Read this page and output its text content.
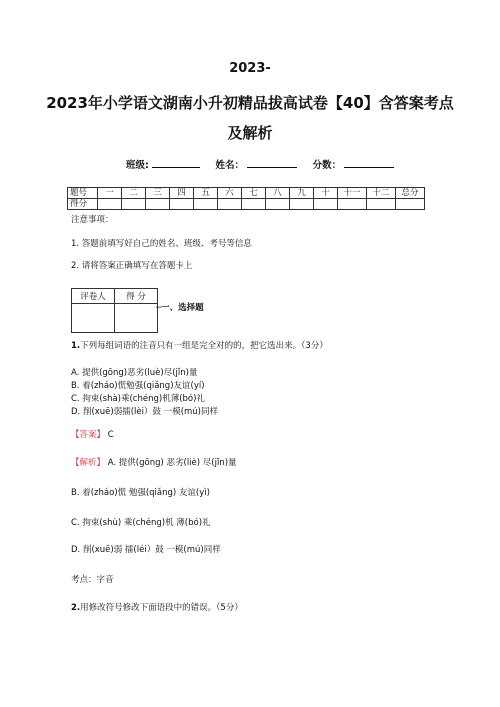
2023-
2023年小学语文湖南小升初精品拔高试卷【40】含答案考点
及解析
班级:	姓名：	分数：
题号	一	二	三	四	五	六	七	八	九	十	十一	十二	总分
得分													
注意事项：
1. 答题前填写好自己的姓名、班级、考号等信息
2. 请将答案正确填写在答题卡上
评卷人	得 分

─一、选择题
1.下列每组词语的注音只有一组是完全对的的，把它选出来。（3分）
A. 提供(gōng)恶劣(luè)尽(jǐn)量
B. 着(zháo)慌勉强(qiǎng)友谊(yí)
C. 拘束(shà)乘(chéng)机薄(bó)礼
D. 削(xuē)弱擂(lèi）鼓 一模(mú)同样
【答案】 C
【解析】 A. 提供(gōng) 恶劣(liè) 尽(jǐn)量
B. 着(zháo)慌 勉强(qiǎng) 友谊(yì)
C. 拘束(shù) 乘(chéng)机 薄(bó)礼
D. 削(xuē)弱 擂(léi）鼓 一模(mú)同样
考点：字音
2.用修改符号修改下面语段中的错误。（5分）
